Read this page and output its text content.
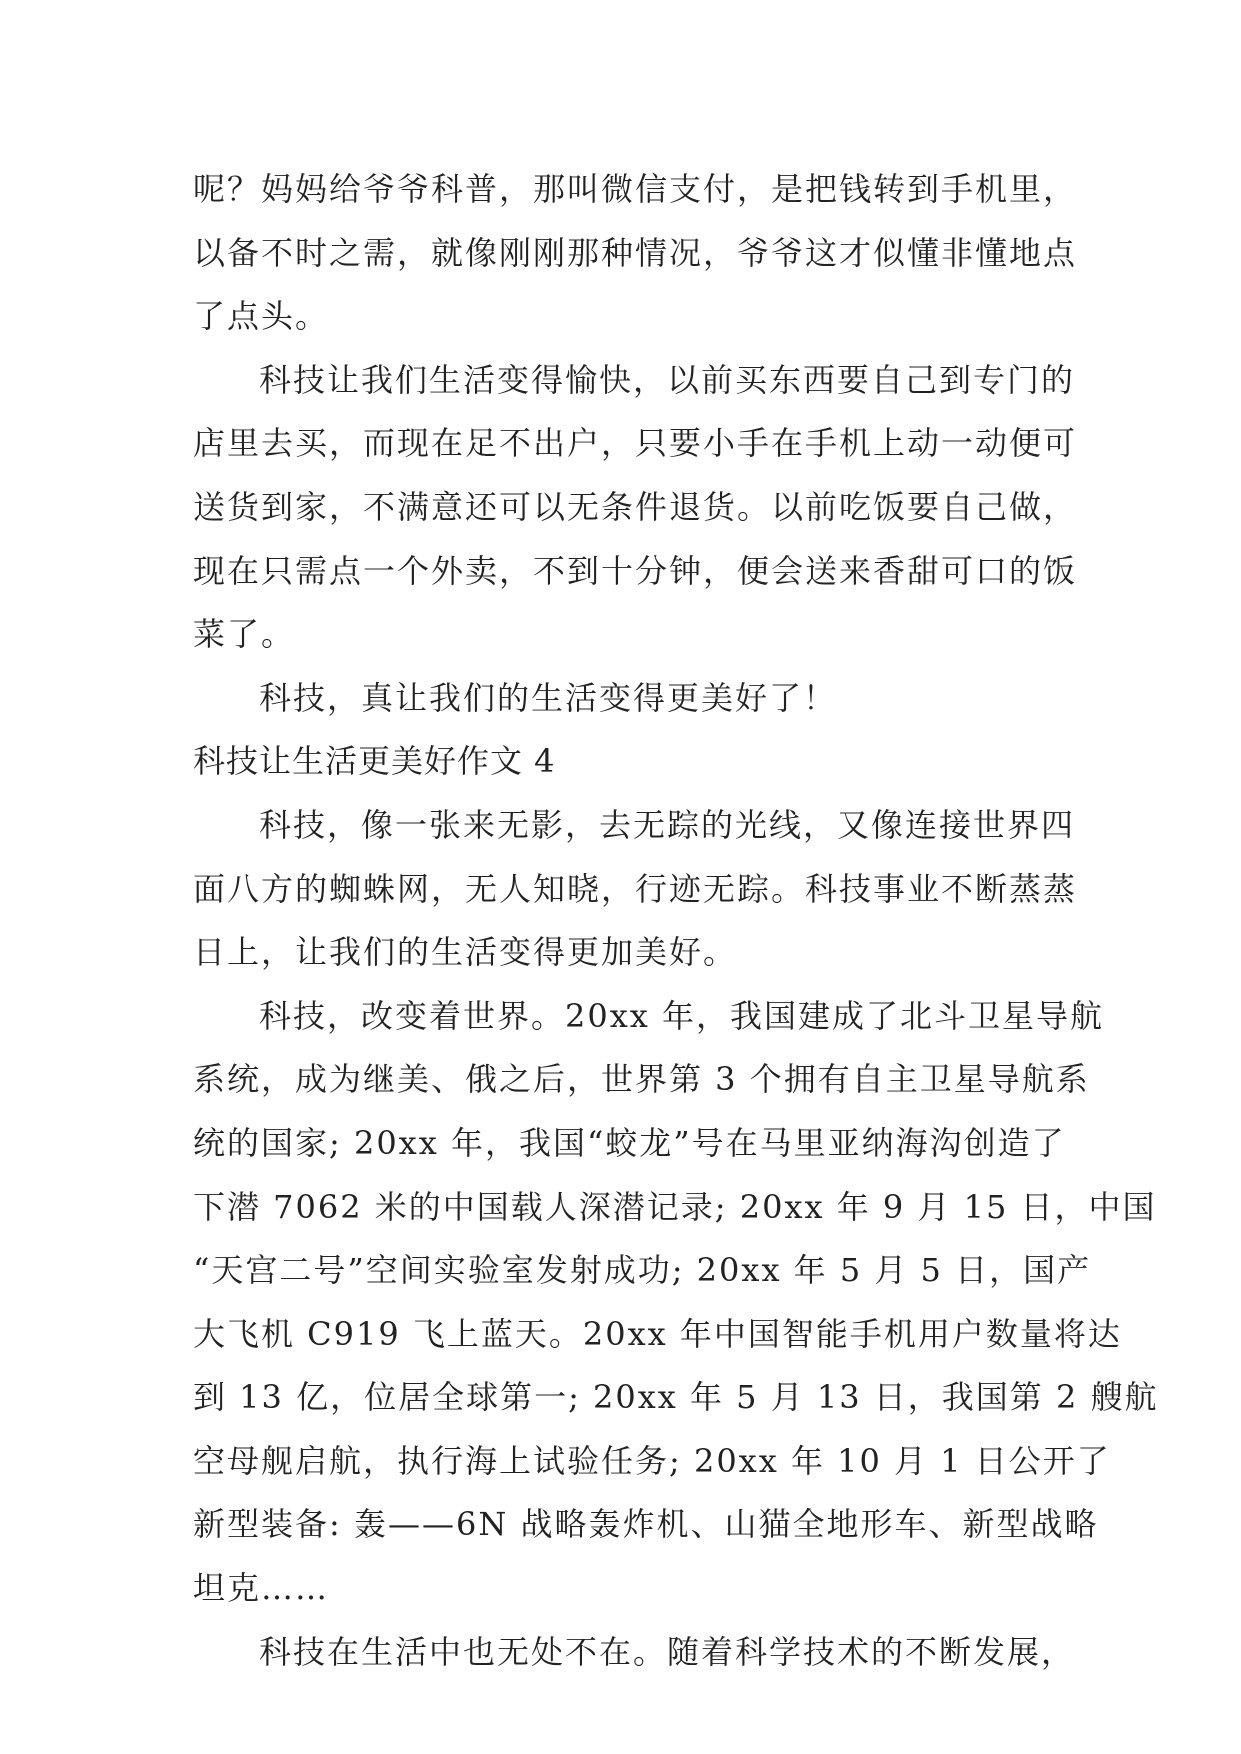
呢？妈妈给爷爷科普，那叫微信支付，是把钱转到手机里，
以备不时之需，就像刚刚那种情况，爷爷这才似懂非懂地点
了点头。
科技让我们生活变得愉快，以前买东西要自己到专门的
店里去买，而现在足不出户，只要小手在手机上动一动便可
送货到家，不满意还可以无条件退货。以前吃饭要自己做，
现在只需点一个外卖，不到十分钟，便会送来香甜可口的饭
菜了。
科技，真让我们的生活变得更美好了！
科技让生活更美好作文 4
科技，像一张来无影，去无踪的光线，又像连接世界四
面八方的蜘蛛网，无人知晓，行迹无踪。科技事业不断蒸蒸
日上，让我们的生活变得更加美好。
科技，改变着世界。20xx 年，我国建成了北斗卫星导航
系统，成为继美、俄之后，世界第 3 个拥有自主卫星导航系
统的国家; 20xx 年，我国“蛟龙”号在马里亚纳海沟创造了
下潜 7062 米的中国载人深潜记录; 20xx 年 9 月 15 日，中国
“天宫二号”空间实验室发射成功; 20xx 年 5 月 5 日，国产
大飞机 C919 飞上蓝天。20xx 年中国智能手机用户数量将达
到 13 亿，位居全球第一; 20xx 年 5 月 13 日，我国第 2 艘航
空母舰启航，执行海上试验任务; 20xx 年 10 月 1 日公开了
新型装备: 轰——6N 战略轰炸机、山猫全地形车、新型战略
坦克……
科技在生活中也无处不在。随着科学技术的不断发展，
